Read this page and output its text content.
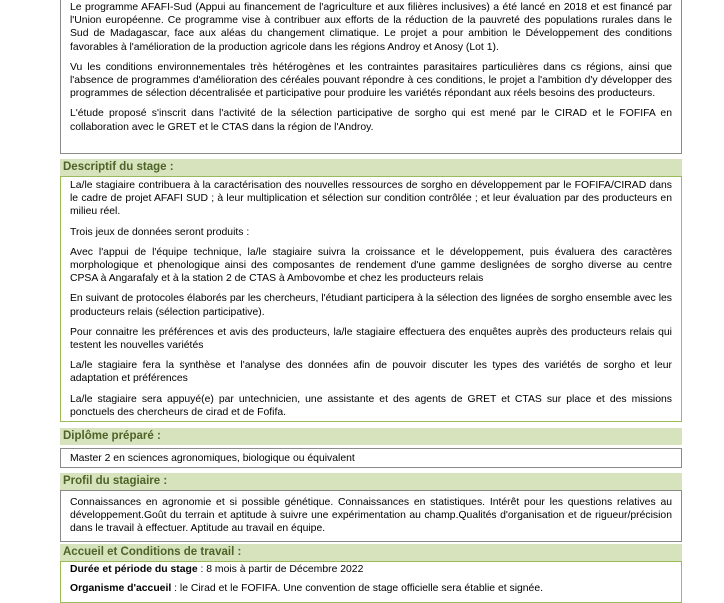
Le programme AFAFI-Sud (Appui au financement de l'agriculture et aux filières inclusives) a été lancé en 2018 et est financé par l'Union européenne. Ce programme vise à contribuer aux efforts de la réduction de la pauvreté des populations rurales dans le Sud de Madagascar, face aux aléas du changement climatique. Le projet a pour ambition le Développement des conditions favorables à l'amélioration de la production agricole dans les régions Androy et Anosy (Lot 1).

Vu les conditions environnementales très hétérogènes et les contraintes parasitaires particulières dans cs régions, ainsi que l'absence de programmes d'amélioration des céréales pouvant répondre à ces conditions, le projet a l'ambition d'y développer des programmes de sélection décentralisée et participative pour produire les variétés répondant aux réels besoins des producteurs.

L'étude proposé s'inscrit dans l'activité de la sélection participative de sorgho qui est mené par le CIRAD et le FOFIFA en collaboration avec le GRET et le CTAS dans la région de l'Androy.

Descriptif du stage :

La/le stagiaire contribuera à la caractérisation des nouvelles ressources de sorgho en développement par le FOFIFA/CIRAD dans le cadre de projet AFAFI SUD ; à leur multiplication et sélection sur condition contrôlée ; et leur évaluation par des producteurs en milieu réel.

Trois jeux de données seront produits :

Avec l'appui de l'équipe technique, la/le stagiaire suivra la croissance et le développement, puis évaluera des caractères morphologique et phenologique ainsi des composantes de rendement d'une gamme deslignées de sorgho diverse au centre CPSA à Angarafaly et à la station 2 de CTAS à Ambovombe et chez les producteurs relais

En suivant de protocoles élaborés par les chercheurs, l'étudiant participera à la sélection des lignées de sorgho ensemble avec les producteurs relais (sélection participative).

Pour connaitre les préférences et avis des producteurs, la/le stagiaire effectuera des enquêtes auprès des producteurs relais qui testent les nouvelles variétés

La/le stagiaire fera la synthèse et l'analyse des données afin de pouvoir discuter les types des variétés de sorgho et leur adaptation et préférences

La/le stagiaire sera appuyé(e) par untechnicien, une assistante et des agents de GRET et CTAS sur place et des missions ponctuels des chercheurs de cirad et de Fofifa.

Diplôme préparé :

Master 2 en sciences agronomiques, biologique ou équivalent

Profil du stagiaire :

Connaissances en agronomie et si possible génétique. Connaissances en statistiques. Intérêt pour les questions relatives au développement.Goût du terrain et aptitude à suivre une expérimentation au champ.Qualités d'organisation et de rigueur/précision dans le travail à effectuer. Aptitude au travail en équipe.

Accueil et Conditions de travail :

Durée et période du stage : 8 mois à partir de Décembre 2022

Organisme d'accueil : le Cirad et le FOFIFA. Une convention de stage officielle sera établie et signée.
